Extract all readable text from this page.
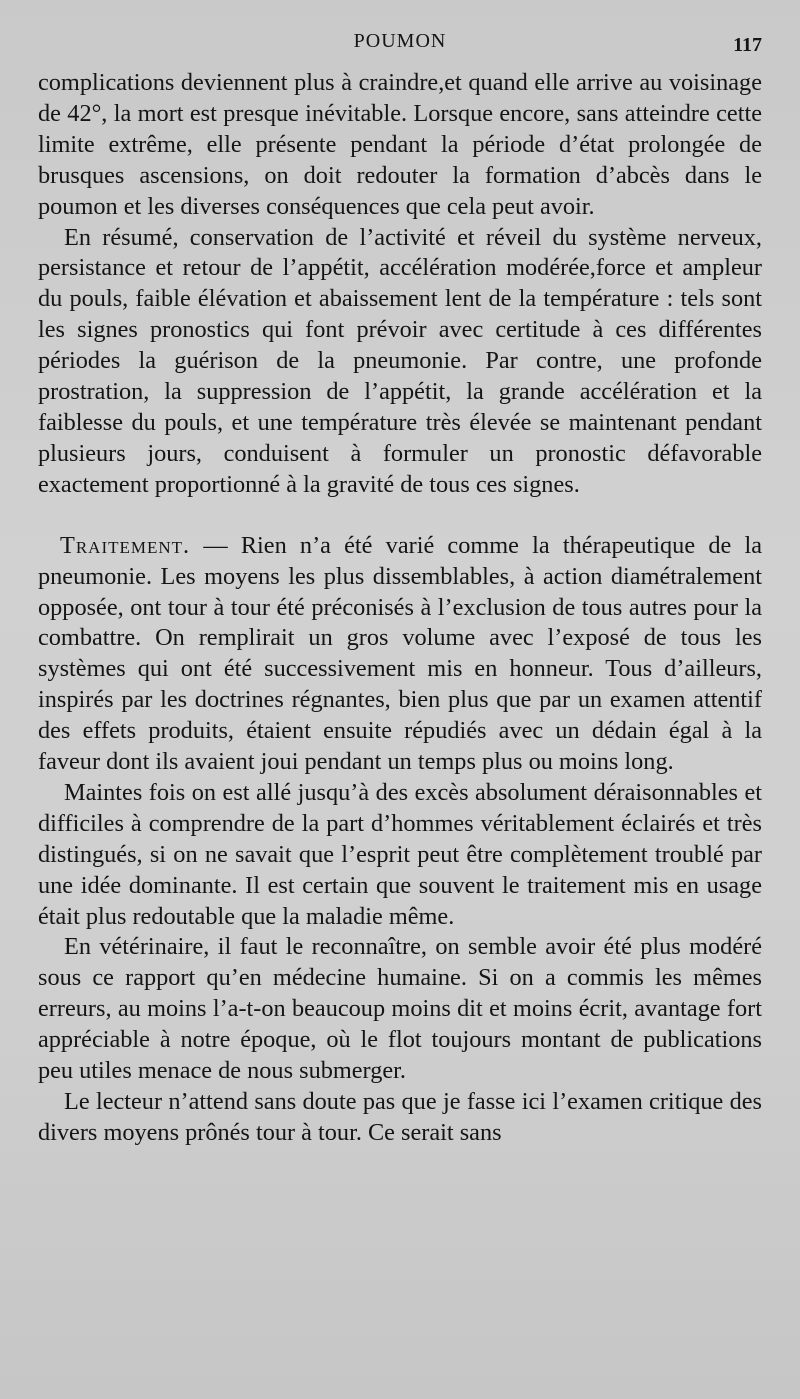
POUMON	117

complications deviennent plus à craindre,et quand elle arrive au voisinage de 42°, la mort est presque inévitable. Lorsque encore, sans atteindre cette limite extrême, elle présente pendant la période d’état prolongée de brusques ascensions, on doit redouter la formation d’abcès dans le poumon et les diverses conséquences que cela peut avoir.

En résumé, conservation de l’activité et réveil du système nerveux, persistance et retour de l’appétit, accélération modérée,force et ampleur du pouls, faible élévation et abaissement lent de la température : tels sont les signes pronostics qui font prévoir avec certitude à ces différentes périodes la guérison de la pneumonie. Par contre, une profonde prostration, la suppression de l’appétit, la grande accélération et la faiblesse du pouls, et une température très élevée se maintenant pendant plusieurs jours, conduisent à formuler un pronostic défavorable exactement proportionné à la gravité de tous ces signes.

Traitement. — Rien n’a été varié comme la thérapeutique de la pneumonie. Les moyens les plus dissemblables, à action diamétralement opposée, ont tour à tour été préconisés à l’exclusion de tous autres pour la combattre. On remplirait un gros volume avec l’exposé de tous les systèmes qui ont été successivement mis en honneur. Tous d’ailleurs, inspirés par les doctrines régnantes, bien plus que par un examen attentif des effets produits, étaient ensuite répudiés avec un dédain égal à la faveur dont ils avaient joui pendant un temps plus ou moins long.

Maintes fois on est allé jusqu’à des excès absolument déraisonnables et difficiles à comprendre de la part d’hommes véritablement éclairés et très distingués, si on ne savait que l’esprit peut être complètement troublé par une idée dominante. Il est certain que souvent le traitement mis en usage était plus redoutable que la maladie même.

En vétérinaire, il faut le reconnaître, on semble avoir été plus modéré sous ce rapport qu’en médecine humaine. Si on a commis les mêmes erreurs, au moins l’a-t-on beaucoup moins dit et moins écrit, avantage fort appréciable à notre époque, où le flot toujours montant de publications peu utiles menace de nous submerger.

Le lecteur n’attend sans doute pas que je fasse ici l’examen critique des divers moyens prônés tour à tour. Ce serait sans
